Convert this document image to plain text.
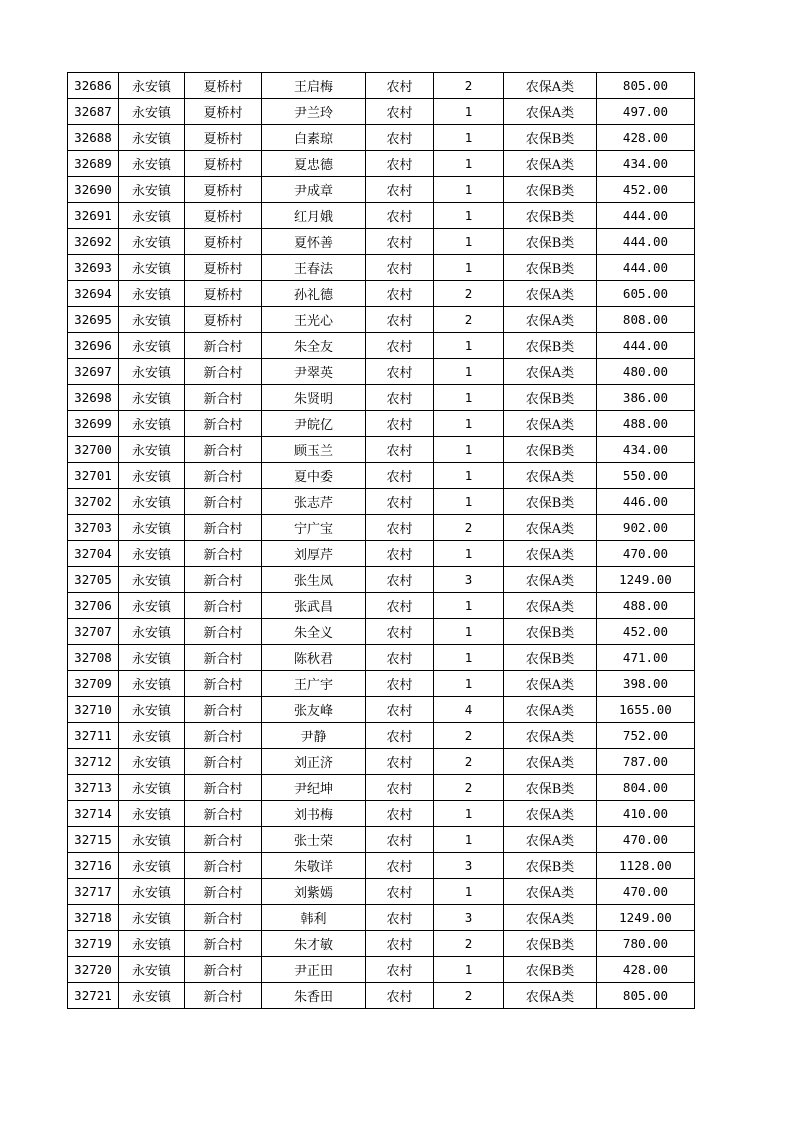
32686	永安镇	夏桥村	王启梅	农村	2	农保A类	805.00
32687	永安镇	夏桥村	尹兰玲	农村	1	农保A类	497.00
32688	永安镇	夏桥村	白素琼	农村	1	农保B类	428.00
32689	永安镇	夏桥村	夏忠德	农村	1	农保A类	434.00
32690	永安镇	夏桥村	尹成章	农村	1	农保B类	452.00
32691	永安镇	夏桥村	红月娥	农村	1	农保B类	444.00
32692	永安镇	夏桥村	夏怀善	农村	1	农保B类	444.00
32693	永安镇	夏桥村	王春法	农村	1	农保B类	444.00
32694	永安镇	夏桥村	孙礼德	农村	2	农保A类	605.00
32695	永安镇	夏桥村	王光心	农村	2	农保A类	808.00
32696	永安镇	新合村	朱全友	农村	1	农保B类	444.00
32697	永安镇	新合村	尹翠英	农村	1	农保A类	480.00
32698	永安镇	新合村	朱贤明	农村	1	农保B类	386.00
32699	永安镇	新合村	尹皖亿	农村	1	农保A类	488.00
32700	永安镇	新合村	顾玉兰	农村	1	农保B类	434.00
32701	永安镇	新合村	夏中委	农村	1	农保A类	550.00
32702	永安镇	新合村	张志芹	农村	1	农保B类	446.00
32703	永安镇	新合村	宁广宝	农村	2	农保A类	902.00
32704	永安镇	新合村	刘厚芹	农村	1	农保A类	470.00
32705	永安镇	新合村	张生凤	农村	3	农保A类	1249.00
32706	永安镇	新合村	张武昌	农村	1	农保A类	488.00
32707	永安镇	新合村	朱全义	农村	1	农保B类	452.00
32708	永安镇	新合村	陈秋君	农村	1	农保B类	471.00
32709	永安镇	新合村	王广宇	农村	1	农保A类	398.00
32710	永安镇	新合村	张友峰	农村	4	农保A类	1655.00
32711	永安镇	新合村	尹静	农村	2	农保A类	752.00
32712	永安镇	新合村	刘正济	农村	2	农保A类	787.00
32713	永安镇	新合村	尹纪坤	农村	2	农保B类	804.00
32714	永安镇	新合村	刘书梅	农村	1	农保A类	410.00
32715	永安镇	新合村	张士荣	农村	1	农保A类	470.00
32716	永安镇	新合村	朱敬详	农村	3	农保B类	1128.00
32717	永安镇	新合村	刘紫嫣	农村	1	农保A类	470.00
32718	永安镇	新合村	韩利	农村	3	农保A类	1249.00
32719	永安镇	新合村	朱才敏	农村	2	农保B类	780.00
32720	永安镇	新合村	尹正田	农村	1	农保B类	428.00
32721	永安镇	新合村	朱香田	农村	2	农保A类	805.00
